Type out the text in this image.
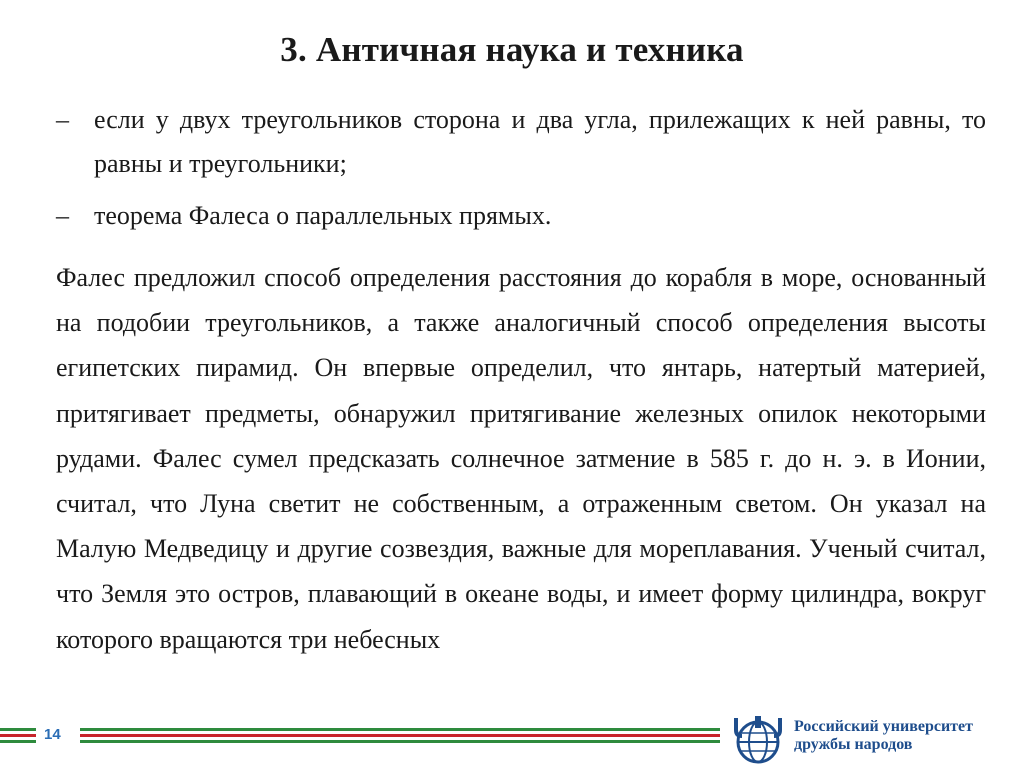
3. Античная наука и техника
– если у двух треугольников сторона и два угла, прилежащих к ней равны, то равны и треугольники;
– теорема Фалеса о параллельных прямых.

Фалес предложил способ определения расстояния до корабля в море, основанный на подобии треугольников, а также аналогичный способ определения высоты египетских пирамид. Он впервые определил, что янтарь, натертый материей, притягивает предметы, обнаружил притягивание железных опилок некоторыми рудами. Фалес сумел предсказать солнечное затмение в 585 г. до н. э. в Ионии, считал, что Луна светит не собственным, а отраженным светом. Он указал на Малую Медведицу и другие созвездия, важные для мореплавания. Ученый считал, что Земля это остров, плавающий в океане воды, и имеет форму цилиндра, вокруг которого вращаются три небесных

14	Российский университет
дружбы народов
